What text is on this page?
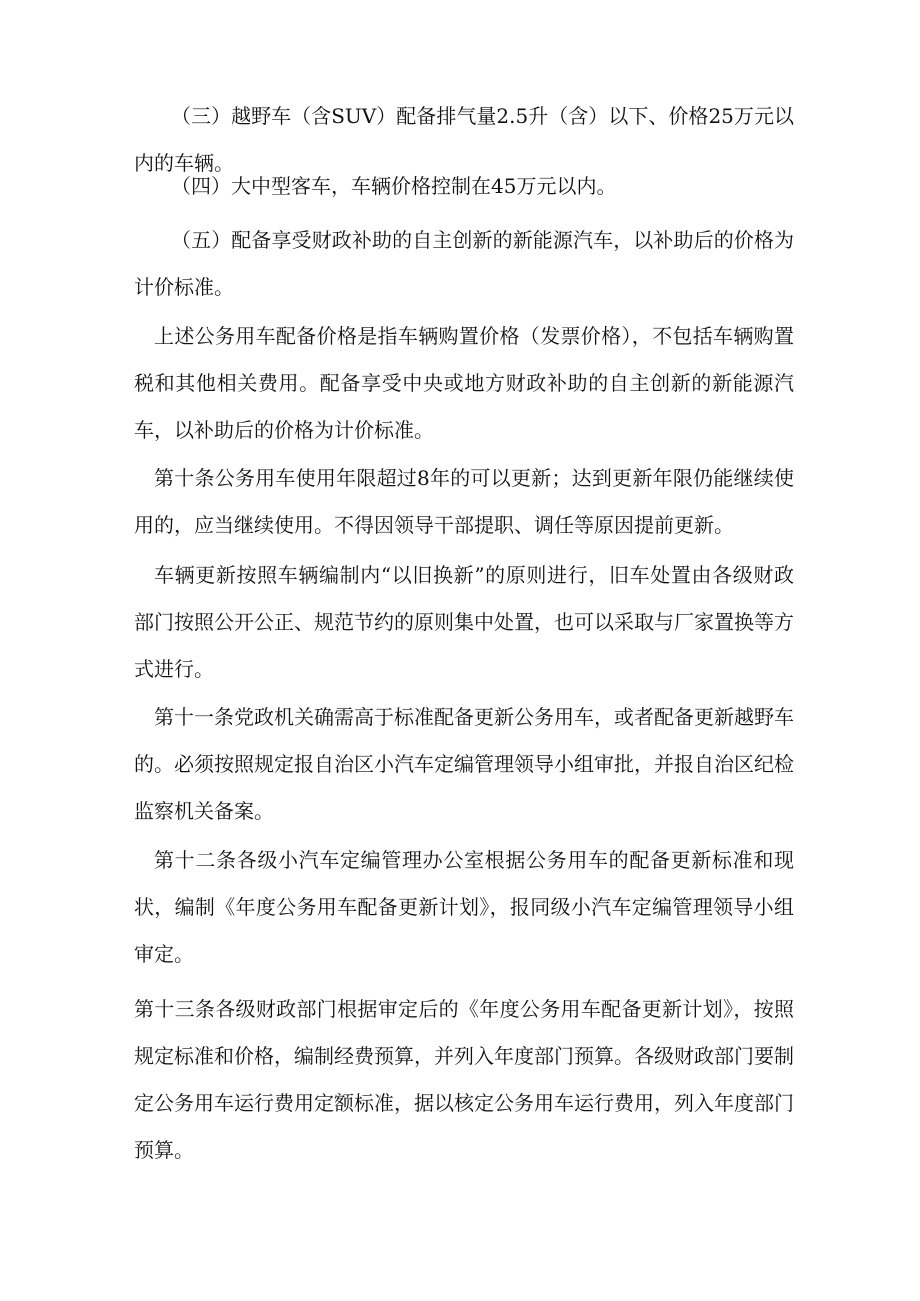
（三）越野车（含SUV）配备排气量2.5升（含）以下、价格25万元以内的车辆。

（四）大中型客车，车辆价格控制在45万元以内。

（五）配备享受财政补助的自主创新的新能源汽车，以补助后的价格为计价标准。

上述公务用车配备价格是指车辆购置价格（发票价格），不包括车辆购置税和其他相关费用。配备享受中央或地方财政补助的自主创新的新能源汽车，以补助后的价格为计价标准。

第十条公务用车使用年限超过8年的可以更新；达到更新年限仍能继续使用的，应当继续使用。不得因领导干部提职、调任等原因提前更新。

车辆更新按照车辆编制内“以旧换新”的原则进行，旧车处置由各级财政部门按照公开公正、规范节约的原则集中处置，也可以采取与厂家置换等方式进行。

第十一条党政机关确需高于标准配备更新公务用车，或者配备更新越野车的。必须按照规定报自治区小汽车定编管理领导小组审批，并报自治区纪检监察机关备案。

第十二条各级小汽车定编管理办公室根据公务用车的配备更新标准和现状，编制《年度公务用车配备更新计划》，报同级小汽车定编管理领导小组审定。

第十三条各级财政部门根据审定后的《年度公务用车配备更新计划》，按照规定标准和价格，编制经费预算，并列入年度部门预算。各级财政部门要制定公务用车运行费用定额标准，据以核定公务用车运行费用，列入年度部门预算。
